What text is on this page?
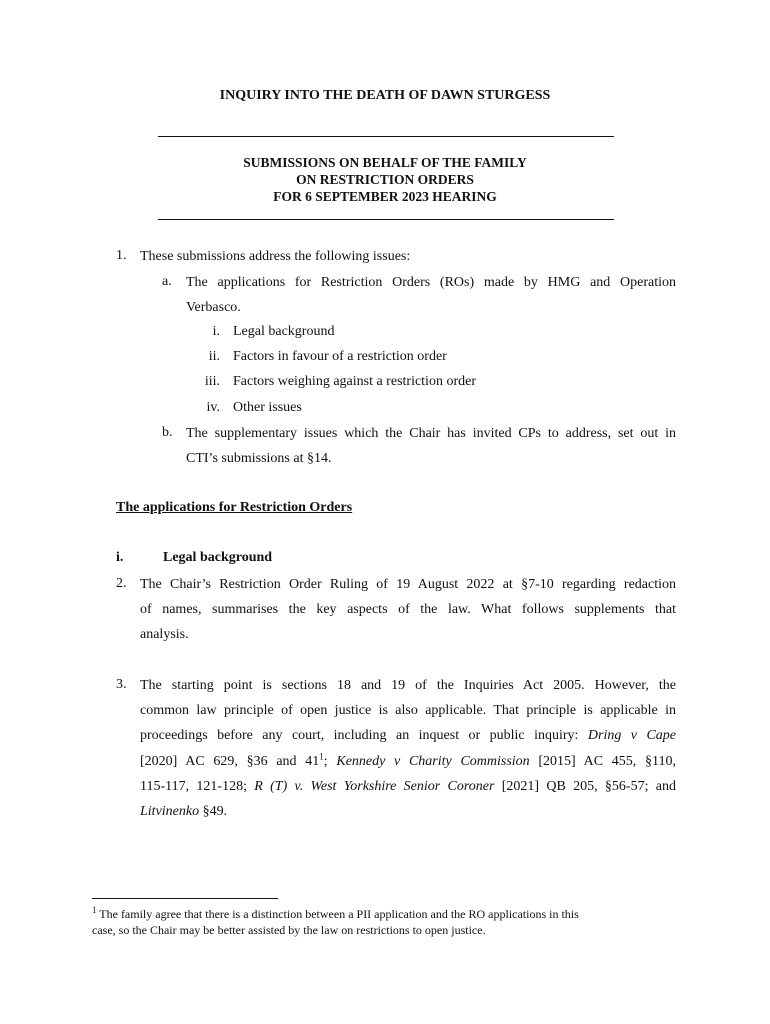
INQUIRY INTO THE DEATH OF DAWN STURGESS
SUBMISSIONS ON BEHALF OF THE FAMILY
ON RESTRICTION ORDERS
FOR 6 SEPTEMBER 2023 HEARING
1. These submissions address the following issues:
a. The applications for Restriction Orders (ROs) made by HMG and Operation
Verbasco.
i. Legal background
ii. Factors in favour of a restriction order
iii. Factors weighing against a restriction order
iv. Other issues
b. The supplementary issues which the Chair has invited CPs to address, set out in
CTI’s submissions at §14.
The applications for Restriction Orders
i.	Legal background
2. The Chair’s Restriction Order Ruling of 19 August 2022 at §7-10 regarding redaction
of names, summarises the key aspects of the law. What follows supplements that
analysis.
3. The starting point is sections 18 and 19 of the Inquiries Act 2005. However, the
common law principle of open justice is also applicable. That principle is applicable in
proceedings before any court, including an inquest or public inquiry: Dring v Cape
[2020] AC 629, §36 and $41^1$; Kennedy v Charity Commission [2015] AC 455, §110,
115-117, 121-128; R (T) v. West Yorkshire Senior Coroner [2021] QB 205, §56-57; and
Litvinenko §49.
$^1$ The family agree that there is a distinction between a PII application and the RO applications in this
case, so the Chair may be better assisted by the law on restrictions to open justice.
